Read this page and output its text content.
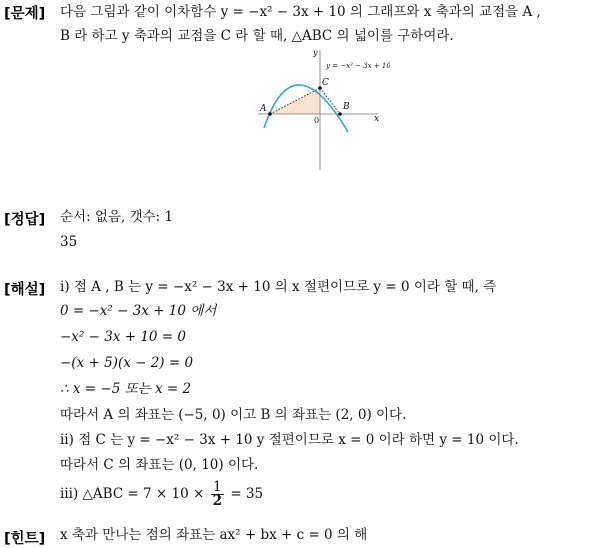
[문제] 다음 그림과 같이 이차함수 y = −x² − 3x + 10 의 그래프와 x 축과의 교점을 A ,
B 라 하고 y 축과의 교점을 C 라 할 때, △ABC 의 넓이를 구하여라.
A	B
C
0	x
y
y = −x² − 3x + 10
[정답] 순서: 없음, 갯수: 1
35
[해설] ⅰ) 점 A , B 는 y = −x² − 3x + 10 의 x 절편이므로 y = 0 이라 할 때, 즉
0 = −x² − 3x + 10 에서
−x² − 3x + 10 = 0
−(x + 5)(x − 2) = 0
∴ x = −5 또는 x = 2
따라서 A 의 좌표는 (−5, 0) 이고 B 의 좌표는 (2, 0) 이다.
ⅱ) 점 C 는 y = −x² − 3x + 10 y 절편이므로 x = 0 이라 하면 y = 10 이다.
따라서 C 의 좌표는 (0, 10) 이다.
ⅲ) △ABC = $7 \times 10 \times \frac{1}{2} = 35$
[힌트] x 축과 만나는 점의 좌표는 ax² + bx + c = 0 의 해
